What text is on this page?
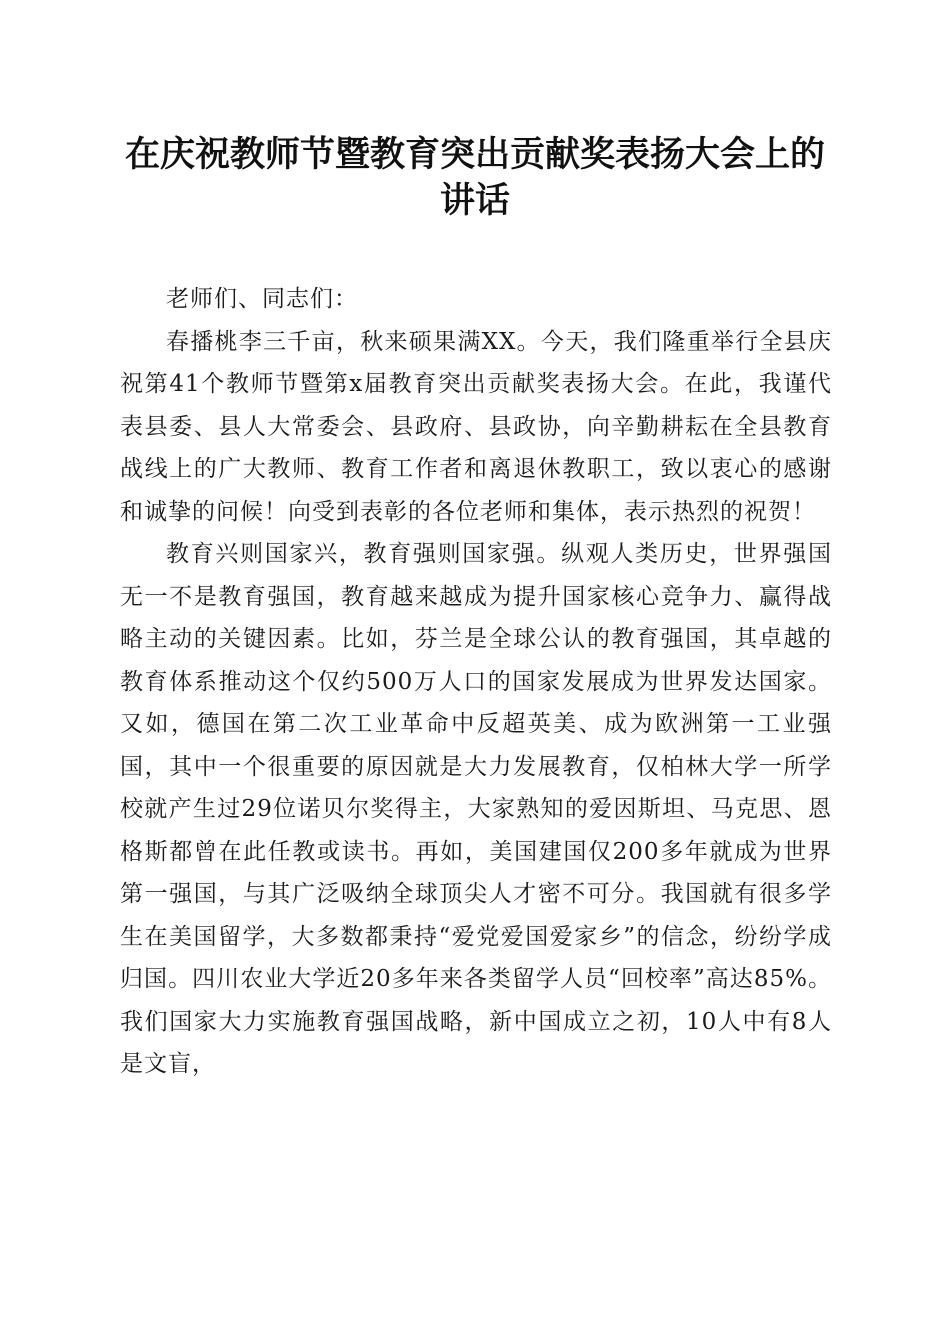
在庆祝教师节暨教育突出贡献奖表扬大会上的讲话

老师们、同志们：

春播桃李三千亩，秋来硕果满XX。今天，我们隆重举行全县庆祝第41个教师节暨第x届教育突出贡献奖表扬大会。在此，我谨代表县委、县人大常委会、县政府、县政协，向辛勤耕耘在全县教育战线上的广大教师、教育工作者和离退休教职工，致以衷心的感谢和诚挚的问候！向受到表彰的各位老师和集体，表示热烈的祝贺！

教育兴则国家兴，教育强则国家强。纵观人类历史，世界强国无一不是教育强国，教育越来越成为提升国家核心竞争力、赢得战略主动的关键因素。比如，芬兰是全球公认的教育强国，其卓越的教育体系推动这个仅约500万人口的国家发展成为世界发达国家。又如，德国在第二次工业革命中反超英美、成为欧洲第一工业强国，其中一个很重要的原因就是大力发展教育，仅柏林大学一所学校就产生过29位诺贝尔奖得主，大家熟知的爱因斯坦、马克思、恩格斯都曾在此任教或读书。再如，美国建国仅200多年就成为世界第一强国，与其广泛吸纳全球顶尖人才密不可分。我国就有很多学生在美国留学，大多数都秉持“爱党爱国爱家乡”的信念，纷纷学成归国。四川农业大学近20多年来各类留学人员“回校率”高达85%。我们国家大力实施教育强国战略，新中国成立之初，10人中有8人是文盲，
